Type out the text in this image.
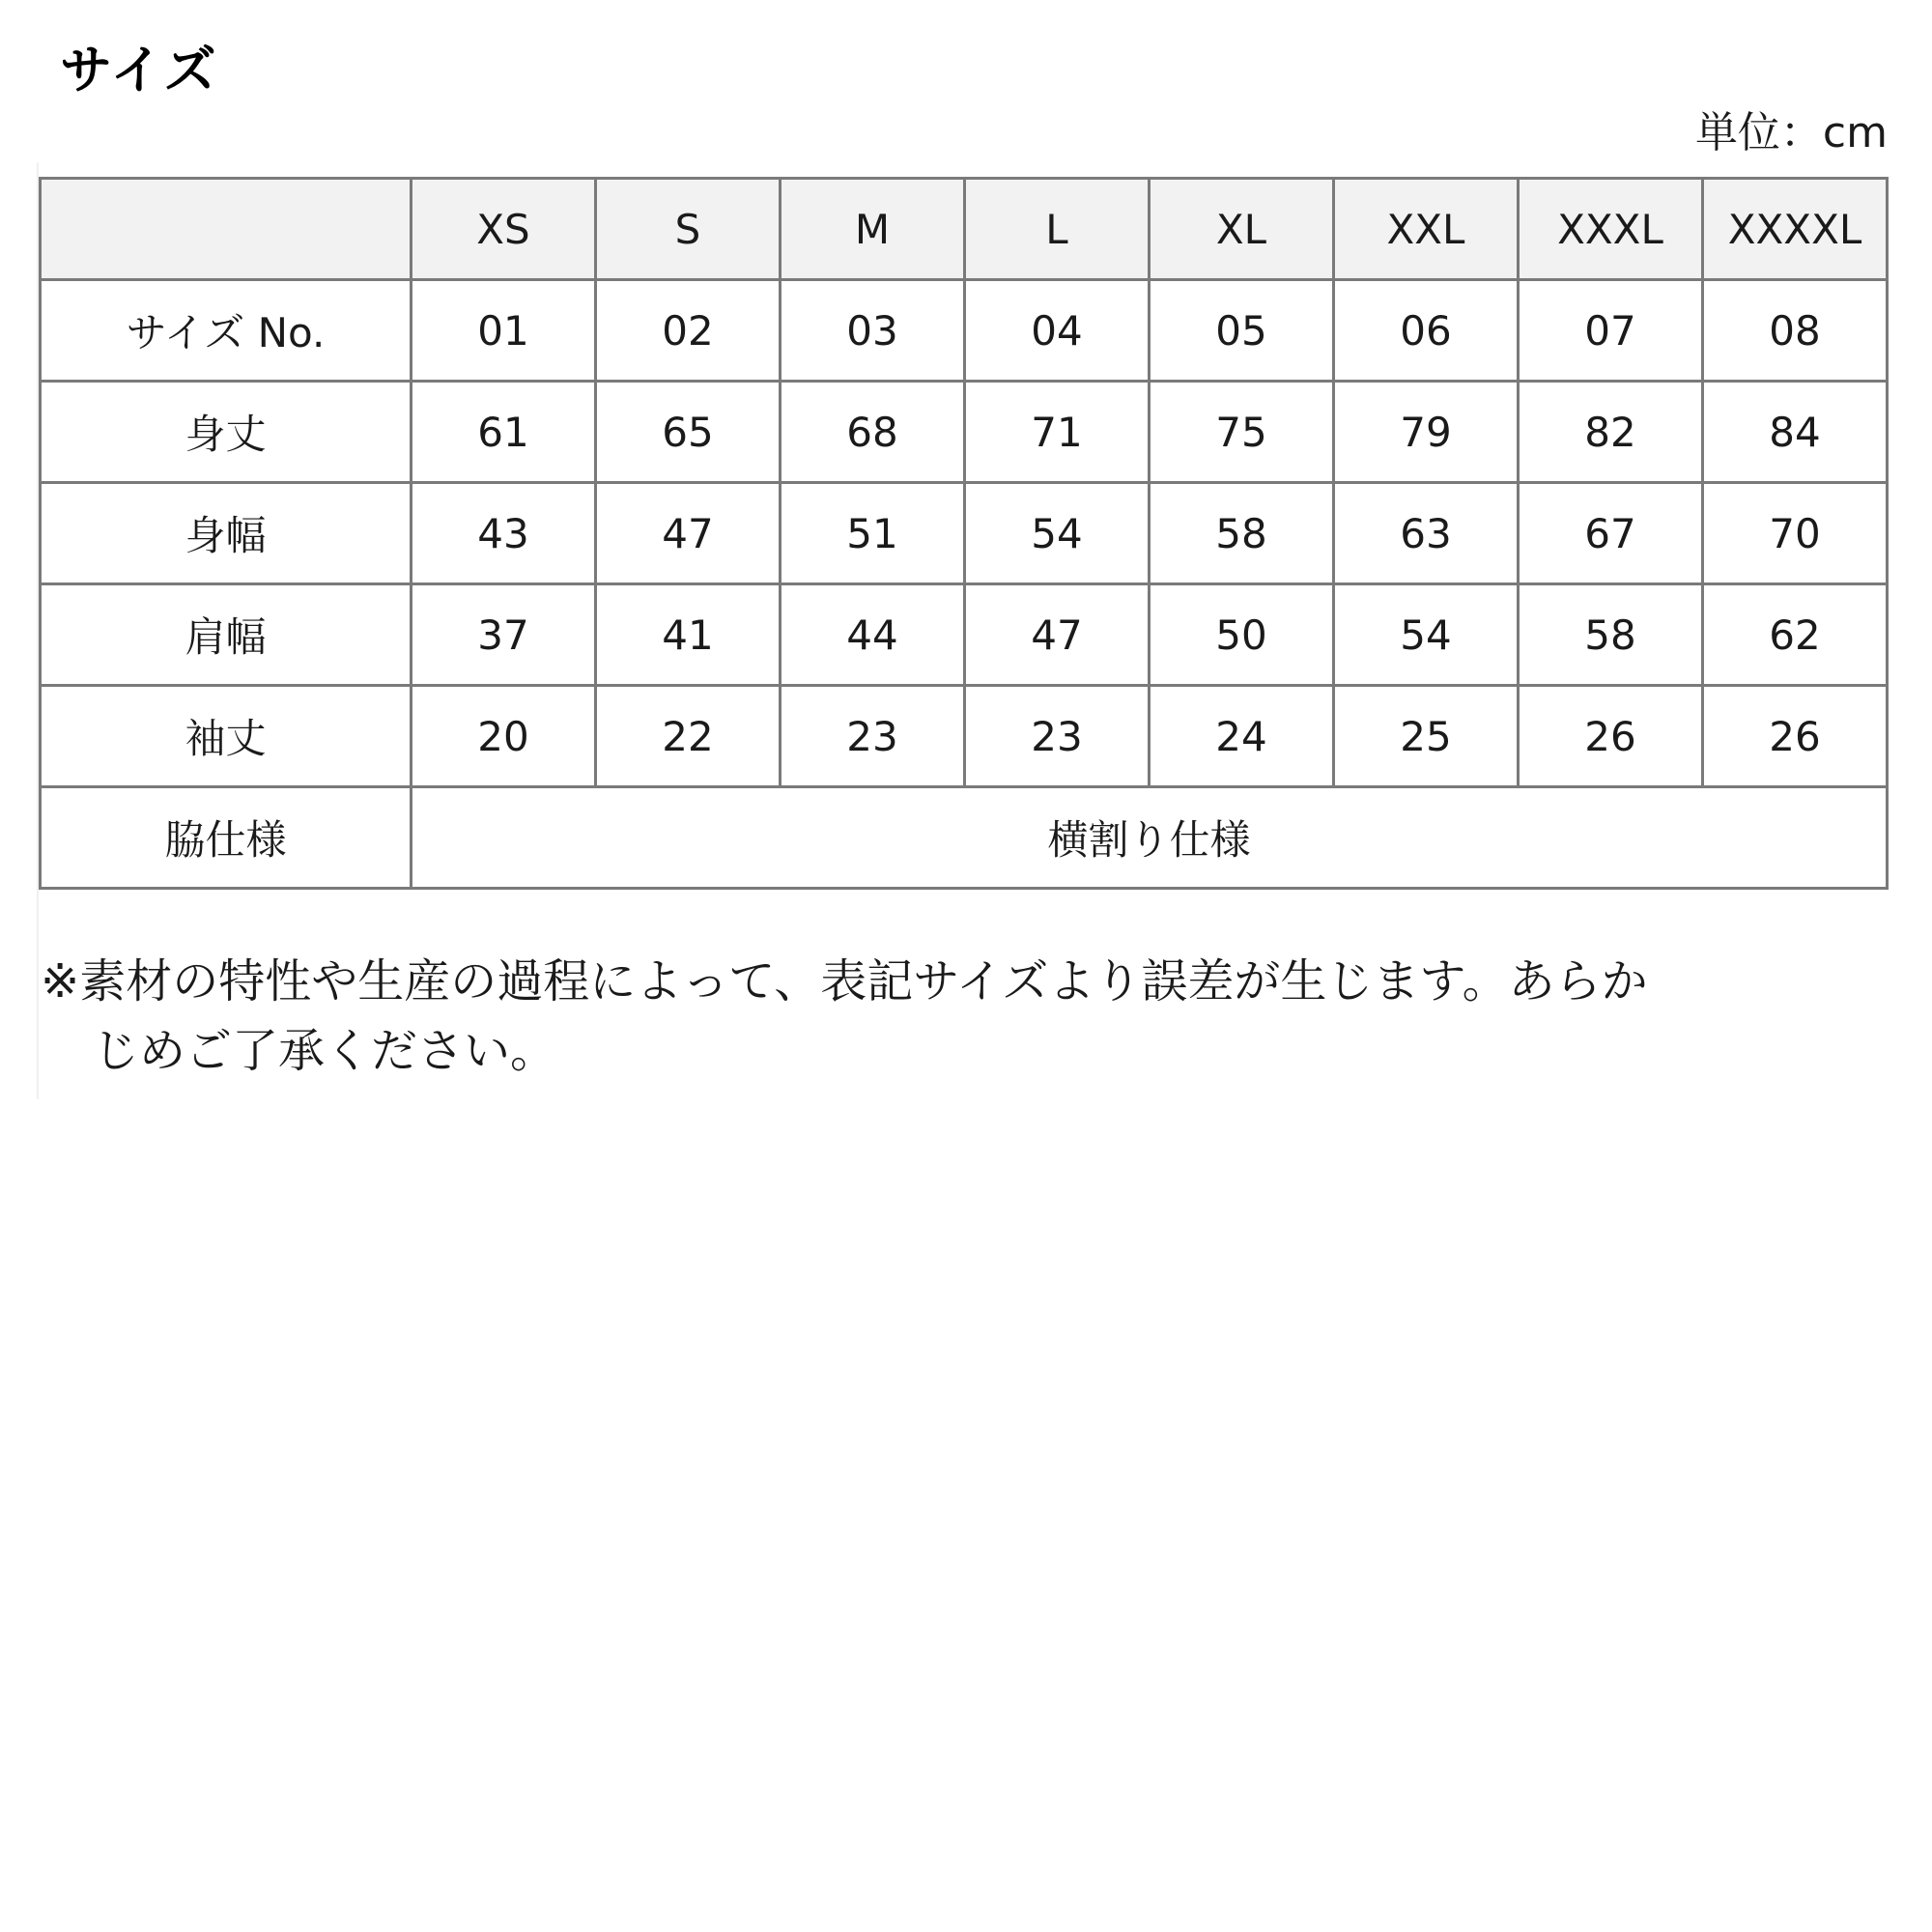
サイズ
単位：cm
	XS	S	M	L	XL	XXL	XXXL	XXXXL
サイズ No.	01	02	03	04	05	06	07	08
身丈	61	65	68	71	75	79	82	84
身幅	43	47	51	54	58	63	67	70
肩幅	37	41	44	47	50	54	58	62
袖丈	20	22	23	23	24	25	26	26
脇仕様	横割り仕様							
※素材の特性や生産の過程によって、表記サイズより誤差が生じます。あらか
じめご了承ください。
